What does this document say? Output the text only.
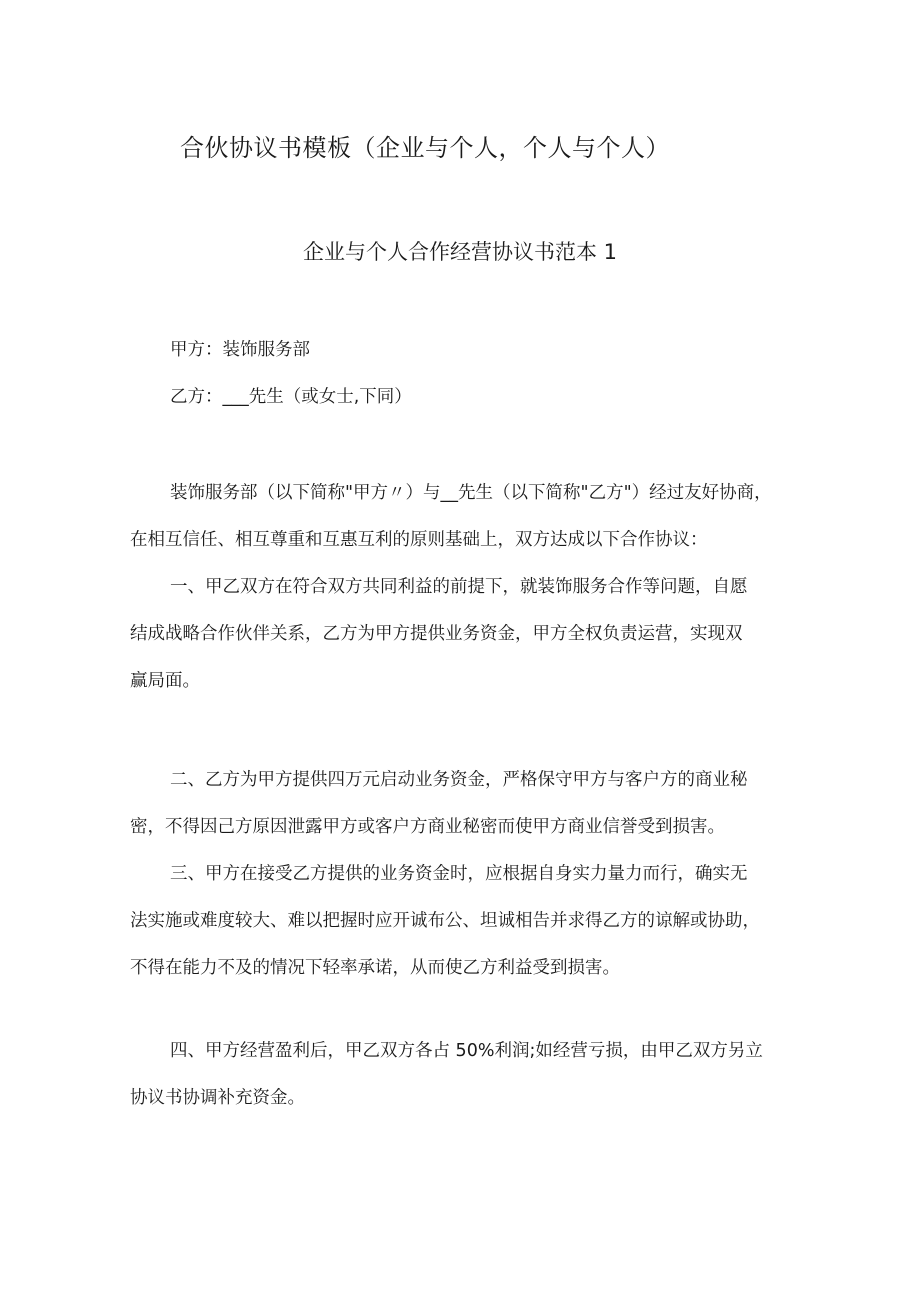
合伙协议书模板（企业与个人，个人与个人）
企业与个人合作经营协议书范本 1
甲方：装饰服务部
乙方：___先生（或女士,下同）

装饰服务部（以下简称"甲方〃）与__先生（以下简称"乙方"）经过友好协商，

在相互信任、相互尊重和互惠互利的原则基础上，双方达成以下合作协议：

一、甲乙双方在符合双方共同利益的前提下，就装饰服务合作等问题，自愿

结成战略合作伙伴关系，乙方为甲方提供业务资金，甲方全权负责运营，实现双

赢局面。

二、乙方为甲方提供四万元启动业务资金，严格保守甲方与客户方的商业秘

密，不得因己方原因泄露甲方或客户方商业秘密而使甲方商业信誉受到损害。

三、甲方在接受乙方提供的业务资金时，应根据自身实力量力而行，确实无

法实施或难度较大、难以把握时应开诚布公、坦诚相告并求得乙方的谅解或协助，

不得在能力不及的情况下轻率承诺，从而使乙方利益受到损害。

四、甲方经营盈利后，甲乙双方各占 50%利润;如经营亏损，由甲乙双方另立

协议书协调补充资金。
